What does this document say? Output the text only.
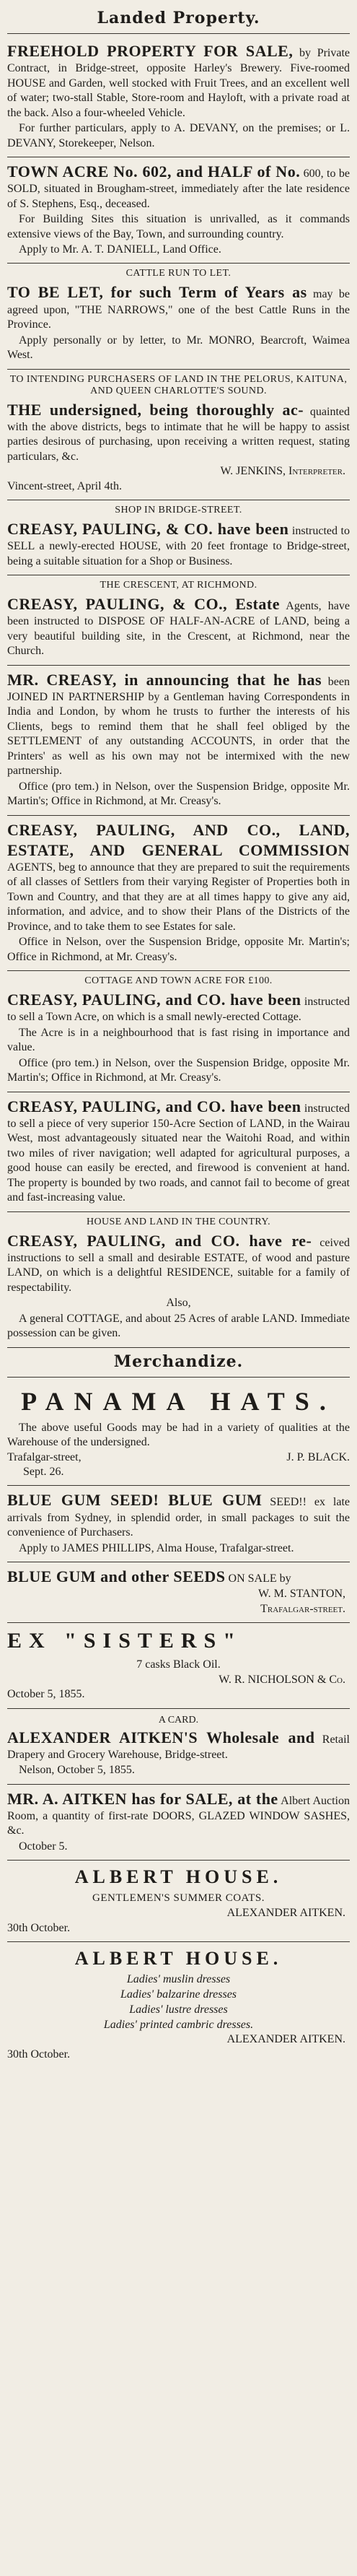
Landed Property.

FREEHOLD PROPERTY FOR SALE, by Private Contract, in Bridge-street, opposite Harley's Brewery. Five-roomed HOUSE and Garden, well stocked with Fruit Trees, and an excellent well of water; two-stall Stable, Store-room and Hayloft, with a private road at the back. Also a four-wheeled Vehicle.

For further particulars, apply to A. DEVANY, on the premises; or L. DEVANY, Storekeeper, Nelson.

TOWN ACRE No. 602, and HALF of No. 600, to be SOLD, situated in Brougham-street, immediately after the late residence of S. Stephens, Esq., deceased.

For Building Sites this situation is unrivalled, as it commands extensive views of the Bay, Town, and surrounding country.

Apply to Mr. A. T. DANIELL, Land Office.

CATTLE RUN TO LET.

TO BE LET, for such Term of Years as may be agreed upon, "THE NARROWS," one of the best Cattle Runs in the Province.

Apply personally or by letter, to Mr. MONRO, Bearcroft, Waimea West.

TO INTENDING PURCHASERS OF LAND IN THE PELORUS, KAITUNA, AND QUEEN CHARLOTTE'S SOUND.

THE undersigned, being thoroughly ac- quainted with the above districts, begs to intimate that he will be happy to assist parties desirous of purchasing, upon receiving a written request, stating particulars, &c.

W. JENKINS, Interpreter.
Vincent-street, April 4th.
SHOP IN BRIDGE-STREET.

CREASY, PAULING, & CO. have been instructed to SELL a newly-erected HOUSE, with 20 feet frontage to Bridge-street, being a suitable situation for a Shop or Business.

THE CRESCENT, AT RICHMOND.

CREASY, PAULING, & CO., Estate Agents, have been instructed to DISPOSE OF HALF-AN-ACRE of LAND, being a very beautiful building site, in the Crescent, at Richmond, near the Church.

MR. CREASY, in announcing that he has been JOINED IN PARTNERSHIP by a Gentleman having Correspondents in India and London, by whom he trusts to further the interests of his Clients, begs to remind them that he shall feel obliged by the SETTLEMENT of any outstanding ACCOUNTS, in order that the Printers' as well as his own may not be intermixed with the new partnership.

Office (pro tem.) in Nelson, over the Suspension Bridge, opposite Mr. Martin's; Office in Richmond, at Mr. Creasy's.

CREASY, PAULING, AND CO., LAND, ESTATE, AND GENERAL COMMISSION AGENTS, beg to announce that they are prepared to suit the requirements of all classes of Settlers from their varying Register of Properties both in Town and Country, and that they are at all times happy to give any aid, information, and advice, and to show their Plans of the Districts of the Province, and to take them to see Estates for sale.

Office in Nelson, over the Suspension Bridge, opposite Mr. Martin's; Office in Richmond, at Mr. Creasy's.

COTTAGE AND TOWN ACRE FOR £100.

CREASY, PAULING, and CO. have been instructed to sell a Town Acre, on which is a small newly-erected Cottage.

The Acre is in a neighbourhood that is fast rising in importance and value.

Office (pro tem.) in Nelson, over the Suspension Bridge, opposite Mr. Martin's; Office in Richmond, at Mr. Creasy's.

CREASY, PAULING, and CO. have been instructed to sell a piece of very superior 150-Acre Section of LAND, in the Wairau West, most advantageously situated near the Waitohi Road, and within two miles of river navigation; well adapted for agricultural purposes, a good house can easily be erected, and firewood is convenient at hand. The property is bounded by two roads, and cannot fail to become of great and fast-increasing value.

HOUSE AND LAND IN THE COUNTRY.

CREASY, PAULING, and CO. have re- ceived instructions to sell a small and desirable ESTATE, of wood and pasture LAND, on which is a delightful RESIDENCE, suitable for a family of respectability.

Also,

A general COTTAGE, and about 25 Acres of arable LAND. Immediate possession can be given.

Merchandize.
PANAMA HATS.

The above useful Goods may be had in a variety of qualities at the Warehouse of the undersigned.

Trafalgar-street,	J. P. BLACK.
Sept. 26.

BLUE GUM SEED! BLUE GUM SEED!! ex late arrivals from Sydney, in splendid order, in small packages to suit the convenience of Purchasers.

Apply to JAMES PHILLIPS, Alma House, Trafalgar-street.

BLUE GUM and other SEEDS ON SALE by

W. M. STANTON,
Trafalgar-street.
EX "SISTERS"

7 casks Black Oil.

W. R. NICHOLSON & Co.
October 5, 1855.
A CARD.

ALEXANDER AITKEN'S Wholesale and Retail Drapery and Grocery Warehouse, Bridge-street.

Nelson, October 5, 1855.

MR. A. AITKEN has for SALE, at the Albert Auction Room, a quantity of first-rate DOORS, GLAZED WINDOW SASHES, &c.

October 5.

ALBERT HOUSE.
GENTLEMEN'S SUMMER COATS.
ALEXANDER AITKEN.
30th October.
ALBERT HOUSE.
Ladies' muslin dresses
Ladies' balzarine dresses
Ladies' lustre dresses
Ladies' printed cambric dresses.
ALEXANDER AITKEN.
30th October.
